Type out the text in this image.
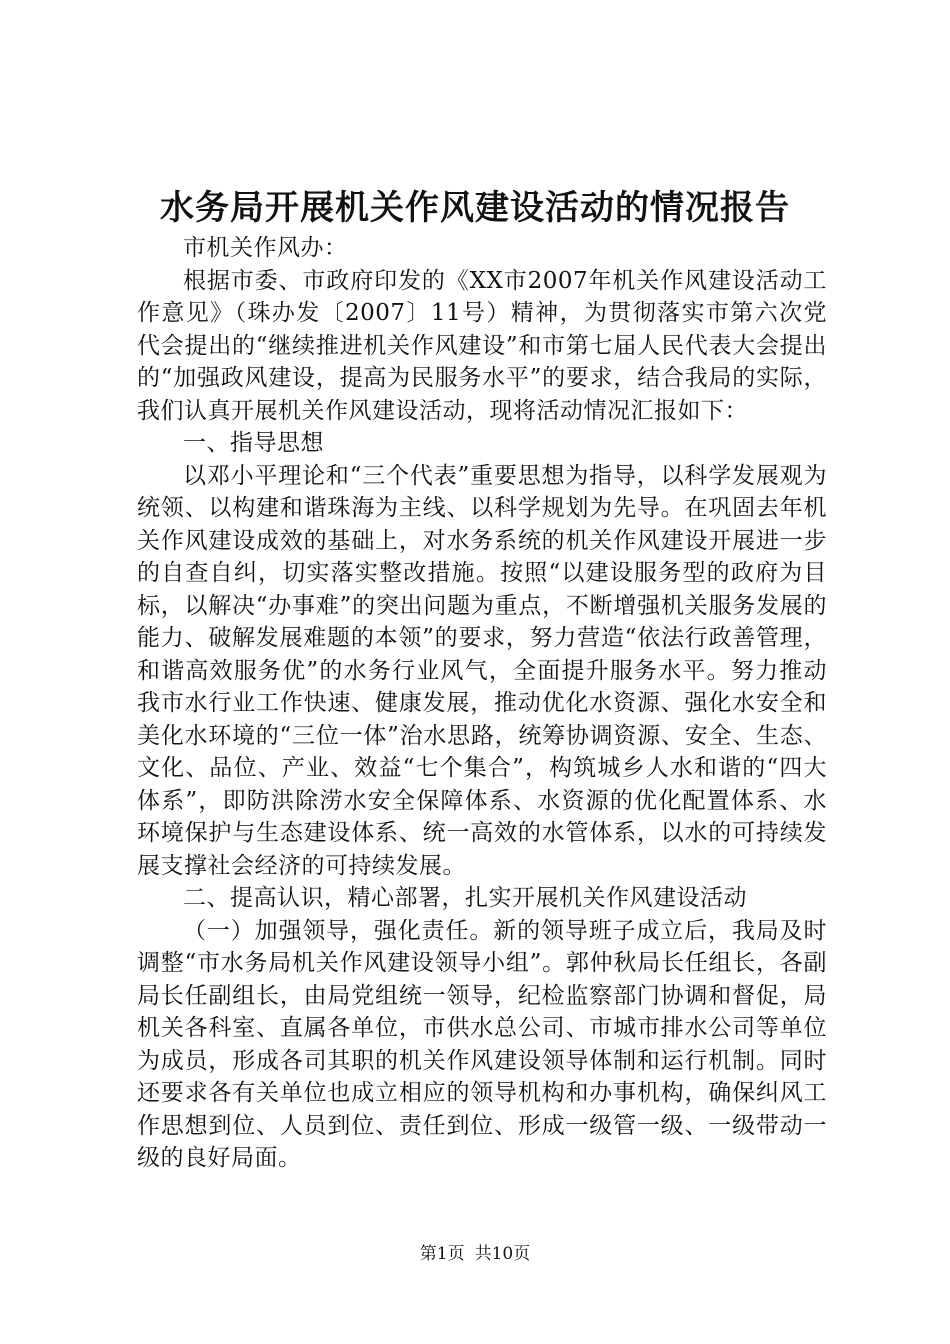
水务局开展机关作风建设活动的情况报告

市机关作风办：

根据市委、市政府印发的《XX市2007年机关作风建设活动工作意见》（珠办发〔2007〕11号）精神，为贯彻落实市第六次党代会提出的“继续推进机关作风建设”和市第七届人民代表大会提出的“加强政风建设，提高为民服务水平”的要求，结合我局的实际，我们认真开展机关作风建设活动，现将活动情况汇报如下：

一、指导思想

以邓小平理论和“三个代表”重要思想为指导，以科学发展观为统领、以构建和谐珠海为主线、以科学规划为先导。在巩固去年机关作风建设成效的基础上，对水务系统的机关作风建设开展进一步的自查自纠，切实落实整改措施。按照“以建设服务型的政府为目标，以解决“办事难”的突出问题为重点，不断增强机关服务发展的能力、破解发展难题的本领”的要求，努力营造“依法行政善管理，和谐高效服务优”的水务行业风气，全面提升服务水平。努力推动我市水行业工作快速、健康发展，推动优化水资源、强化水安全和美化水环境的“三位一体”治水思路，统筹协调资源、安全、生态、文化、品位、产业、效益“七个集合”，构筑城乡人水和谐的“四大体系”，即防洪除涝水安全保障体系、水资源的优化配置体系、水环境保护与生态建设体系、统一高效的水管体系，以水的可持续发展支撑社会经济的可持续发展。

二、提高认识，精心部署，扎实开展机关作风建设活动

（一）加强领导，强化责任。新的领导班子成立后，我局及时调整“市水务局机关作风建设领导小组”。郭仲秋局长任组长，各副局长任副组长，由局党组统一领导，纪检监察部门协调和督促，局机关各科室、直属各单位，市供水总公司、市城市排水公司等单位为成员，形成各司其职的机关作风建设领导体制和运行机制。同时还要求各有关单位也成立相应的领导机构和办事机构，确保纠风工作思想到位、人员到位、责任到位、形成一级管一级、一级带动一级的良好局面。

第1页 共10页
